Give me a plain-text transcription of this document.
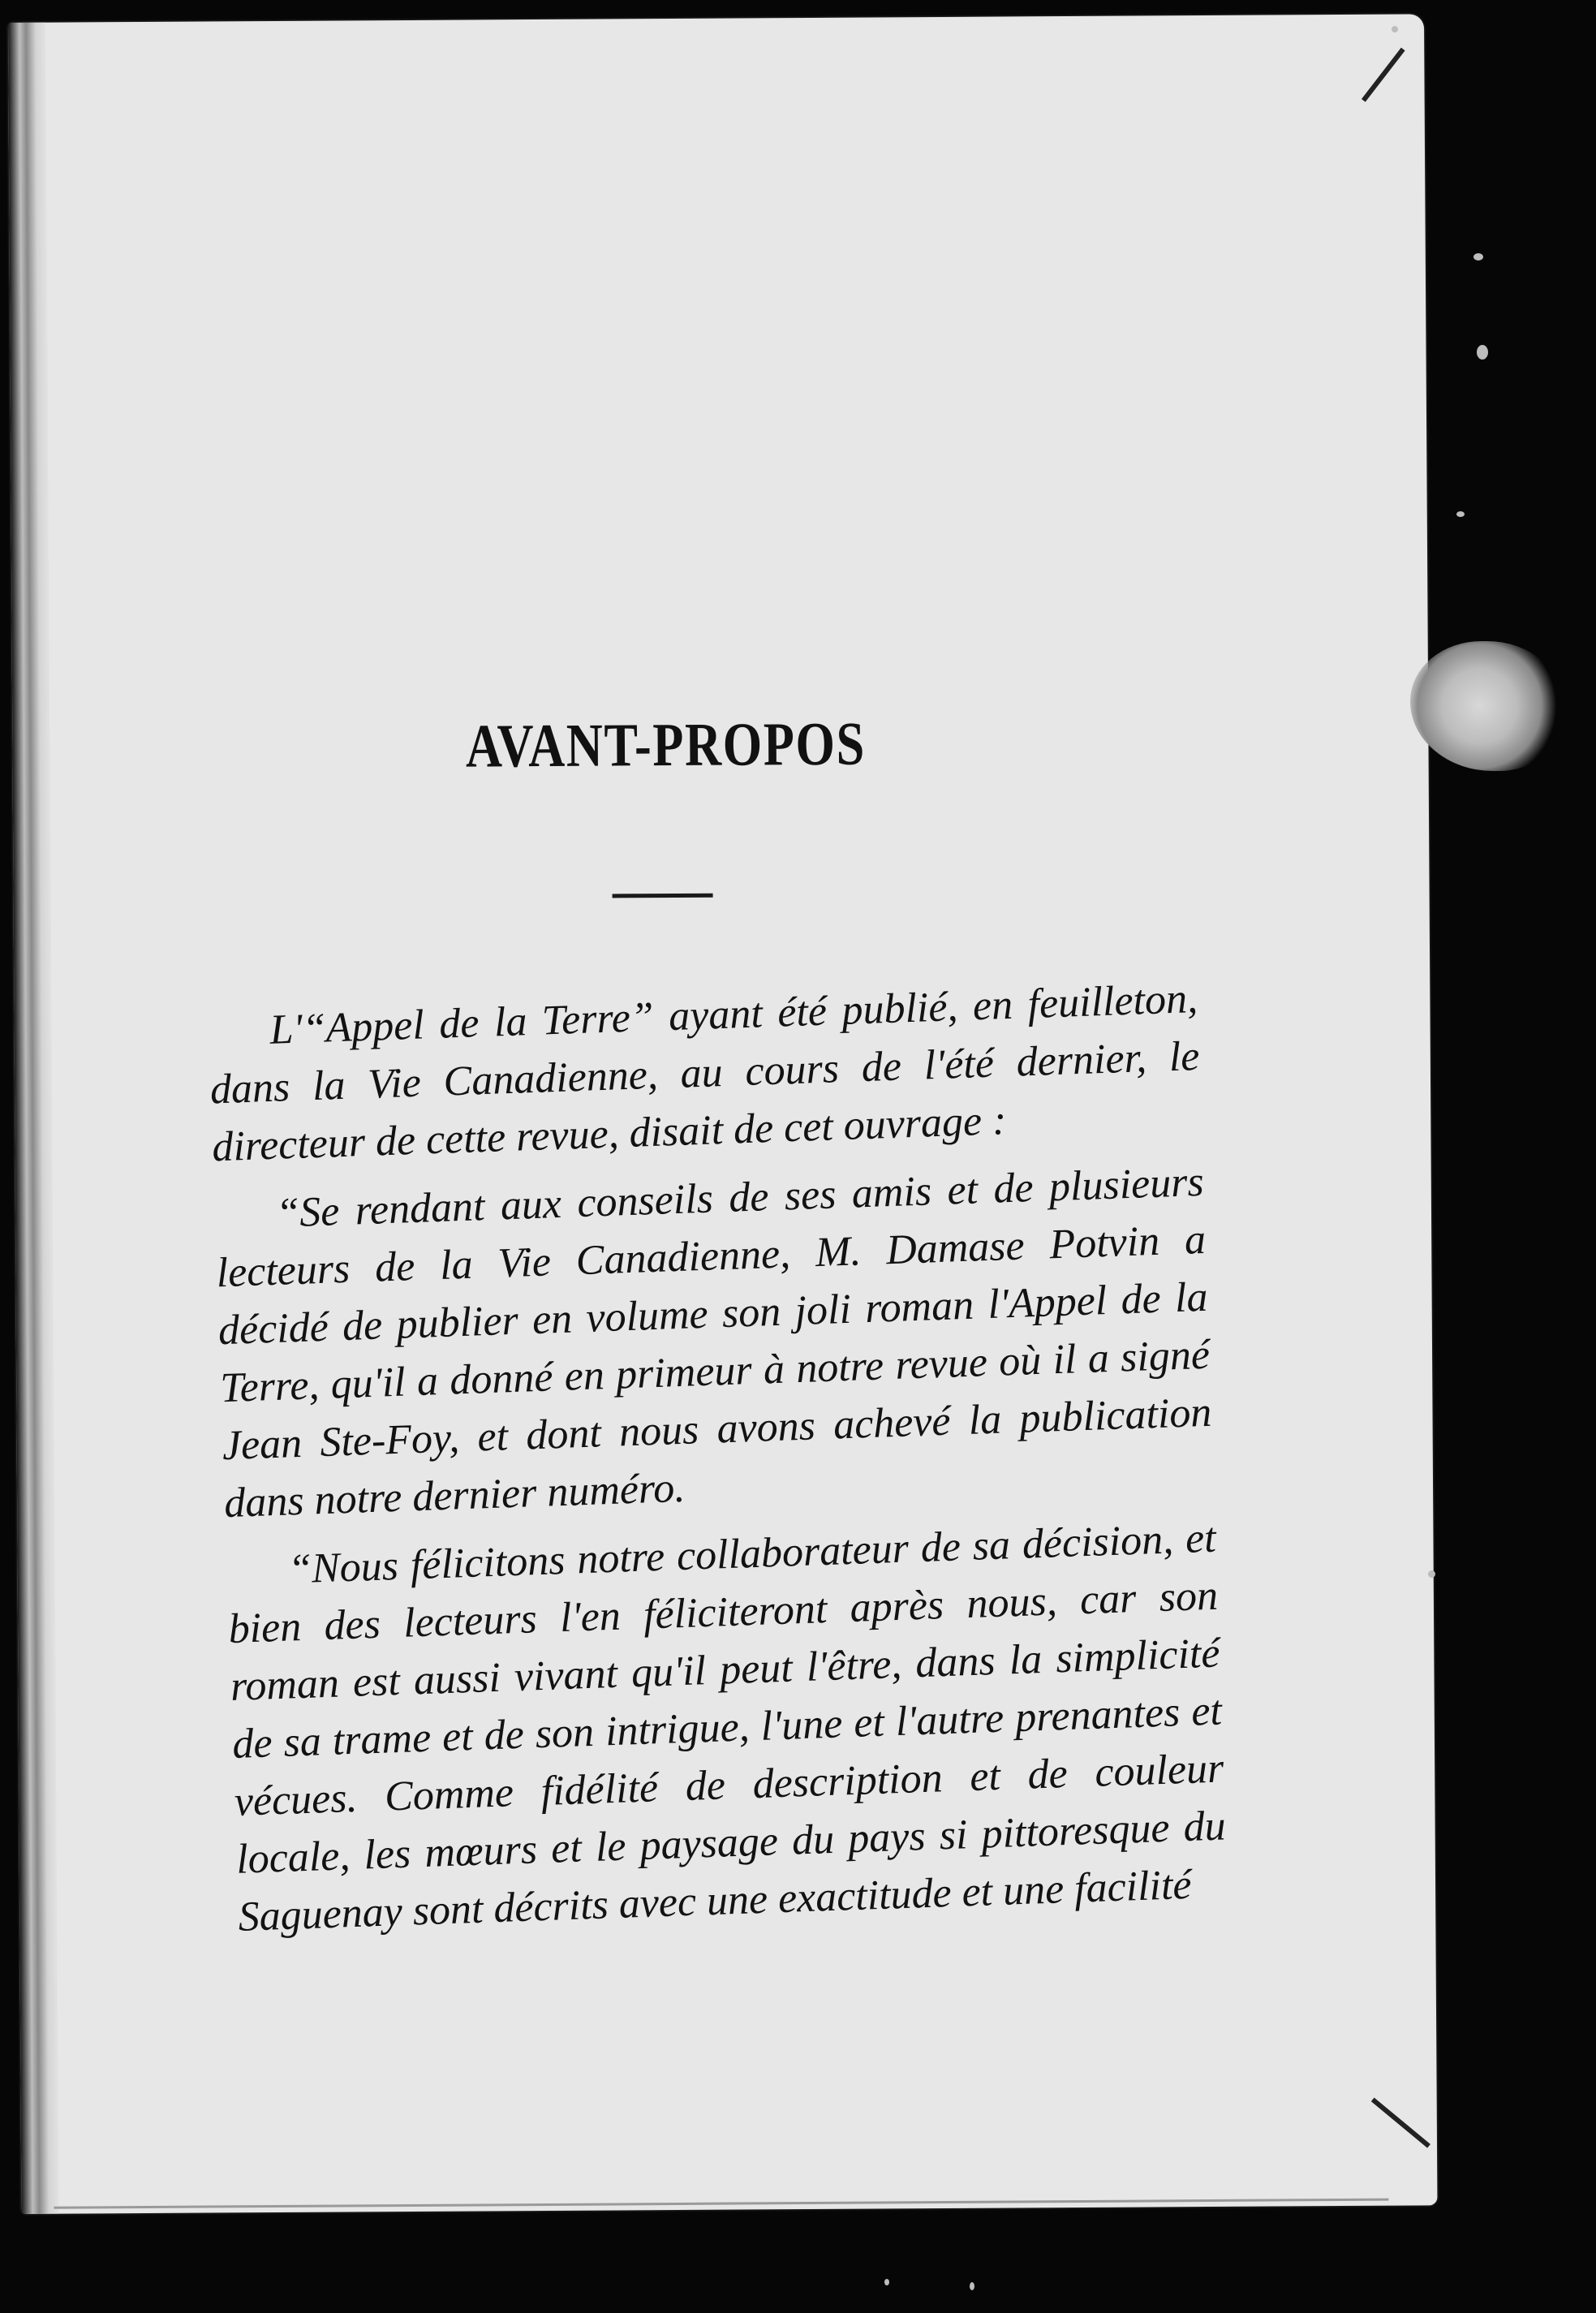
AVANT-PROPOS

L'“Appel de la Terre” ayant été publié, en feuilleton, dans la Vie Canadienne, au cours de l'été dernier, le directeur de cette revue, disait de cet ouvrage :

“Se rendant aux conseils de ses amis et de plusieurs lecteurs de la Vie Canadienne, M. Damase Potvin a décidé de publier en volume son joli roman l'Appel de la Terre, qu'il a donné en primeur à notre revue où il a signé Jean Ste-Foy, et dont nous avons achevé la publication dans notre dernier numéro.

“Nous félicitons notre collaborateur de sa décision, et bien des lecteurs l'en féliciteront après nous, car son roman est aussi vivant qu'il peut l'être, dans la simplicité de sa trame et de son intrigue, l'une et l'autre prenantes et vécues. Comme fidélité de description et de couleur locale, les mœurs et le paysage du pays si pittoresque du Saguenay sont décrits avec une exactitude et une facilité
